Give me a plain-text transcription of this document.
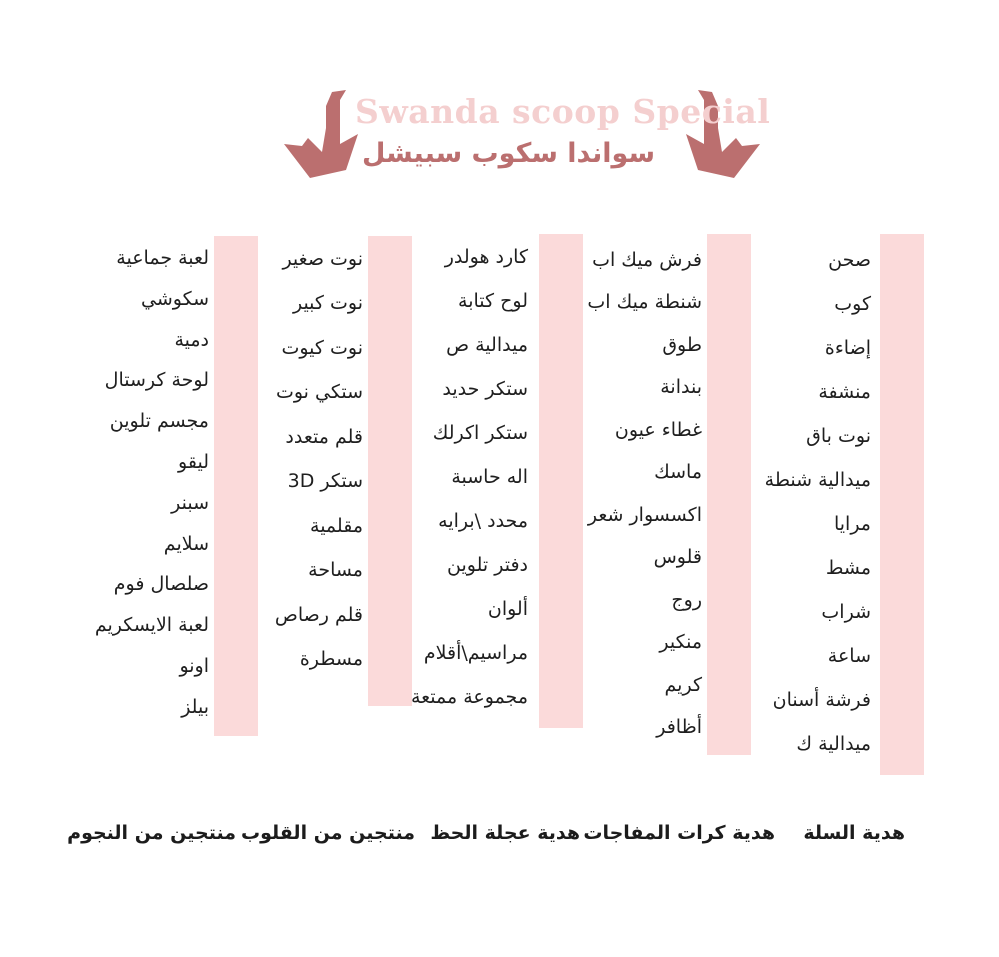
Swanda scoop Special
سواندا سكوب سبيشل
صحن
كوب
إضاءة
منشفة
نوت باق
ميدالية شنطة
مرايا
مشط
شراب
ساعة
فرشة أسنان
ميدالية ك
فرش ميك اب
شنطة ميك اب
طوق
بندانة
غطاء عيون
ماسك
اكسسوار شعر
قلوس
روج
منكير
كريم
أظافر
كارد هولدر
لوح كتابة
ميدالية ص
ستكر حديد
ستكر اكرلك
اله حاسبة
محدد \برايه
دفتر تلوين
ألوان
مراسيم\أقلام
مجموعة ممتعة
نوت صغير
نوت كبير
نوت كيوت
ستكي نوت
قلم متعدد
ستكر 3D
مقلمية
مساحة
قلم رصاص
مسطرة
لعبة جماعية
سكوشي
دمية
لوحة كرستال
مجسم تلوين
ليقو
سبنر
سلايم
صلصال فوم
لعبة الايسكريم
اونو
بيلز
هدية السلة
هدية كرات المفاجات
هدية عجلة الحظ
منتجين من القلوب
منتجين من النجوم
